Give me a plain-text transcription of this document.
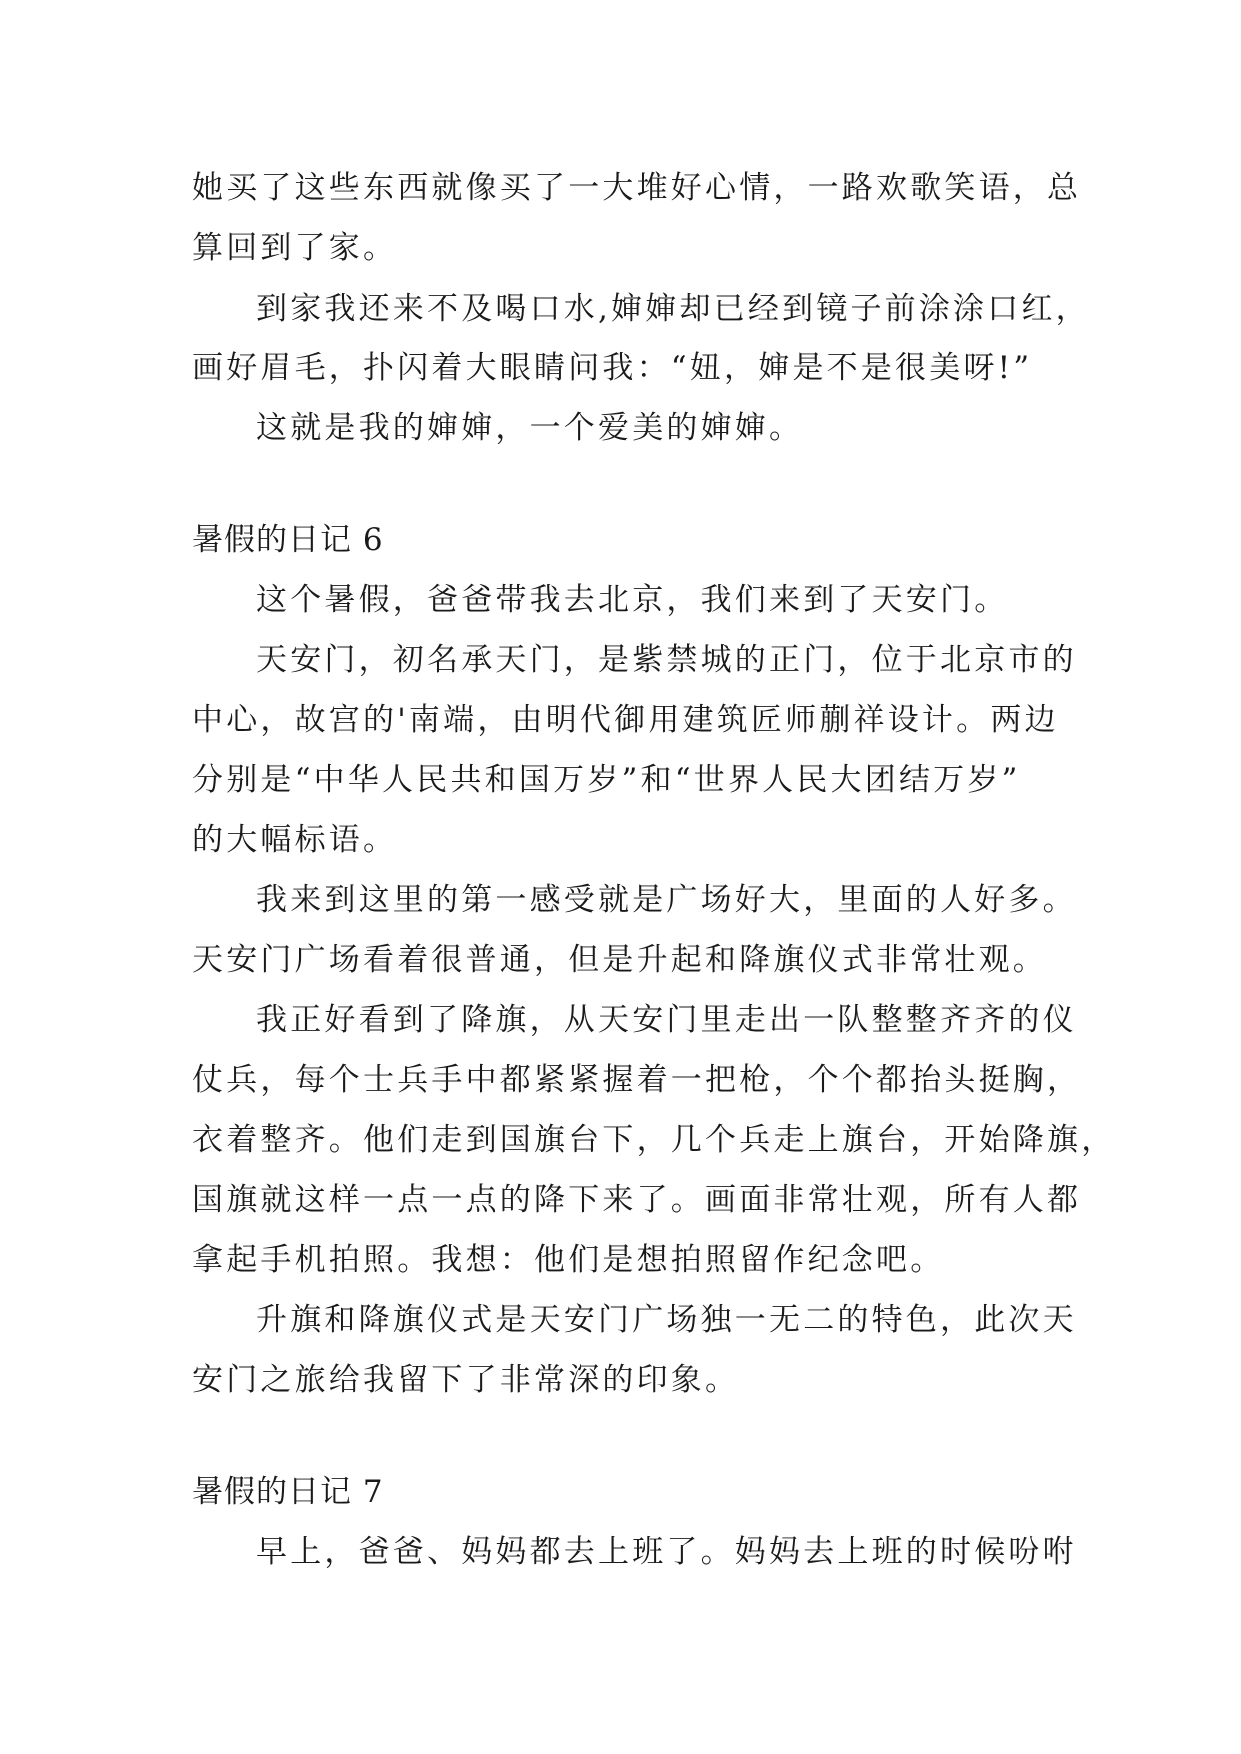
她买了这些东西就像买了一大堆好心情，一路欢歌笑语，总
算回到了家。
到家我还来不及喝口水,婶婶却已经到镜子前涂涂口红，
画好眉毛，扑闪着大眼睛问我：“妞，婶是不是很美呀!”
这就是我的婶婶，一个爱美的婶婶。
暑假的日记 6
这个暑假，爸爸带我去北京，我们来到了天安门。
天安门，初名承天门，是紫禁城的正门，位于北京市的
中心，故宫的'南端，由明代御用建筑匠师蒯祥设计。两边
分别是“中华人民共和国万岁”和“世界人民大团结万岁”
的大幅标语。
我来到这里的第一感受就是广场好大，里面的人好多。
天安门广场看着很普通，但是升起和降旗仪式非常壮观。
我正好看到了降旗，从天安门里走出一队整整齐齐的仪
仗兵，每个士兵手中都紧紧握着一把枪，个个都抬头挺胸，
衣着整齐。他们走到国旗台下，几个兵走上旗台，开始降旗，
国旗就这样一点一点的降下来了。画面非常壮观，所有人都
拿起手机拍照。我想：他们是想拍照留作纪念吧。
升旗和降旗仪式是天安门广场独一无二的特色，此次天
安门之旅给我留下了非常深的印象。
暑假的日记 7
早上，爸爸、妈妈都去上班了。妈妈去上班的时候吩咐
